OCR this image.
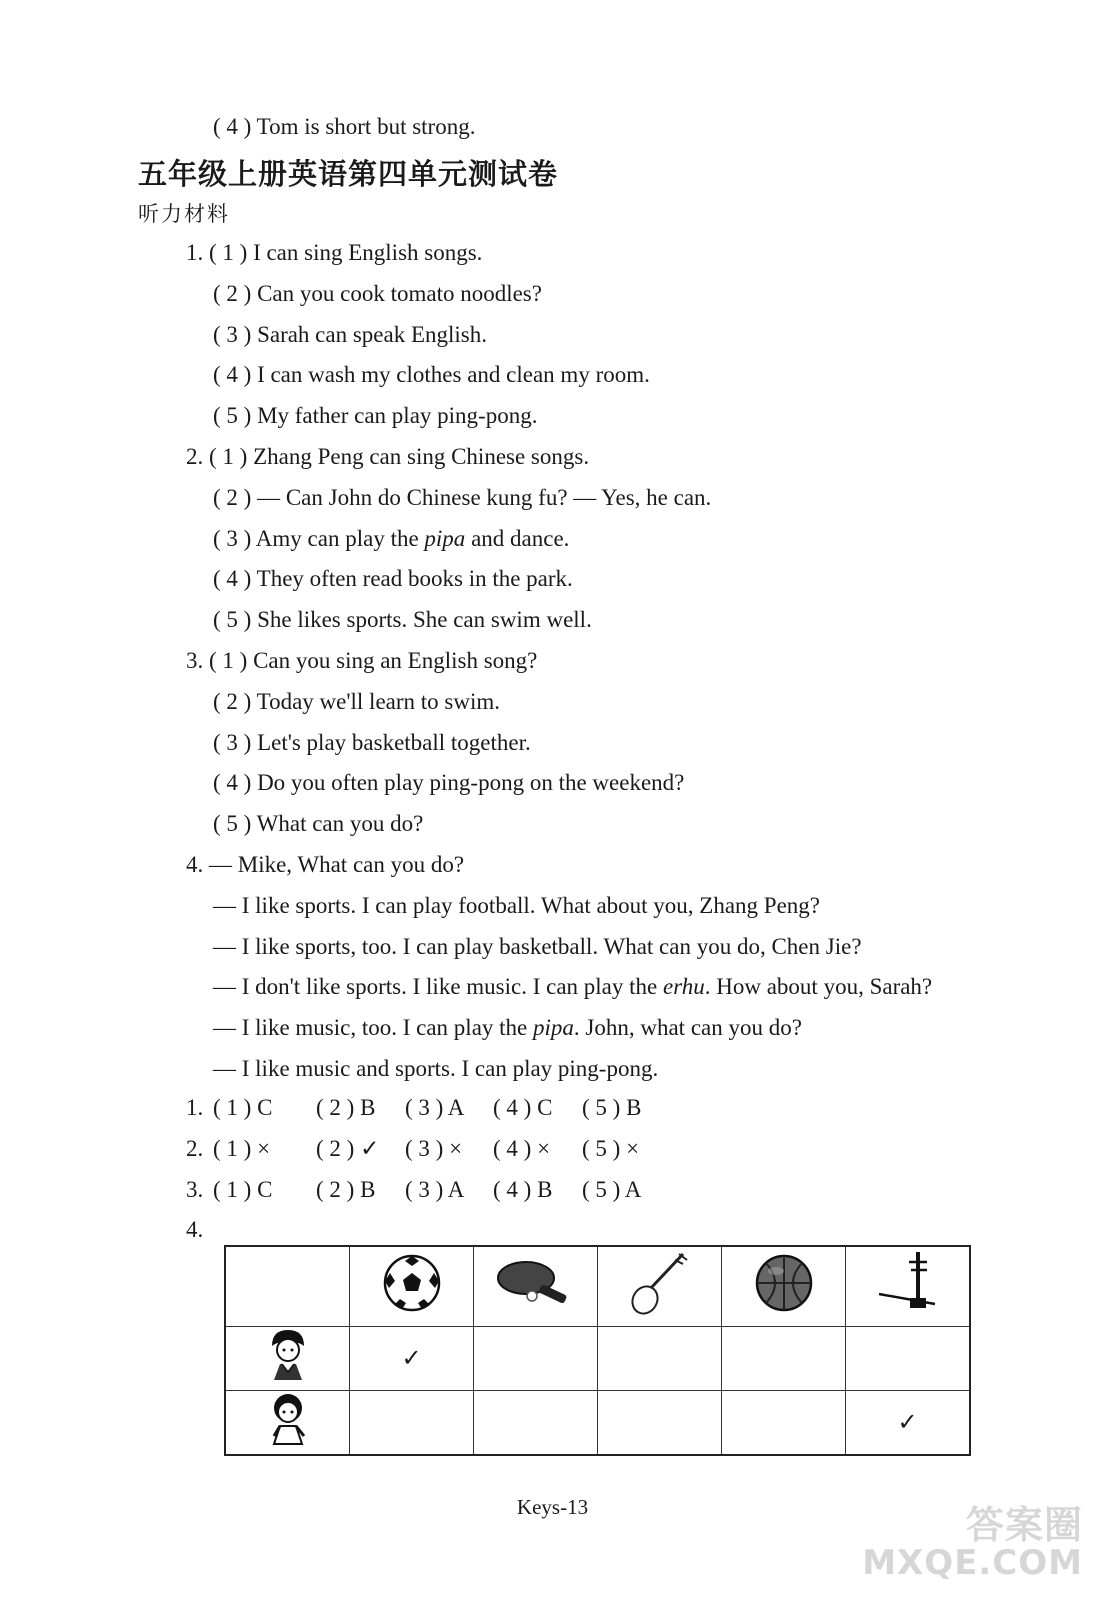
( 4 ) Tom is short but strong.
五年级上册英语第四单元测试卷
听力材料
1. ( 1 ) I can sing English songs.
( 2 ) Can you cook tomato noodles?
( 3 ) Sarah can speak English.
( 4 ) I can wash my clothes and clean my room.
( 5 ) My father can play ping-pong.
2. ( 1 ) Zhang Peng can sing Chinese songs.
( 2 ) — Can John do Chinese kung fu? — Yes, he can.
( 3 ) Amy can play the pipa and dance.
( 4 ) They often read books in the park.
( 5 ) She likes sports. She can swim well.
3. ( 1 ) Can you sing an English song?
( 2 ) Today we'll learn to swim.
( 3 ) Let's play basketball together.
( 4 ) Do you often play ping-pong on the weekend?
( 5 ) What can you do?
4. — Mike, What can you do?
— I like sports. I can play football. What about you, Zhang Peng?
— I like sports, too. I can play basketball. What can you do, Chen Jie?
— I don't like sports. I like music. I can play the erhu. How about you, Sarah?
— I like music, too. I can play the pipa. John, what can you do?
— I like music and sports. I can play ping-pong.
1. ( 1 ) C ( 2 ) B ( 3 ) A ( 4 ) C ( 5 ) B
2. ( 1 ) × ( 2 ) ✓ ( 3 ) × ( 4 ) × ( 5 ) ×
3. ( 1 ) C ( 2 ) B ( 3 ) A ( 4 ) B ( 5 ) A
4.

	✓				
					✓
Keys-13	答案圈
MXQE.COM
